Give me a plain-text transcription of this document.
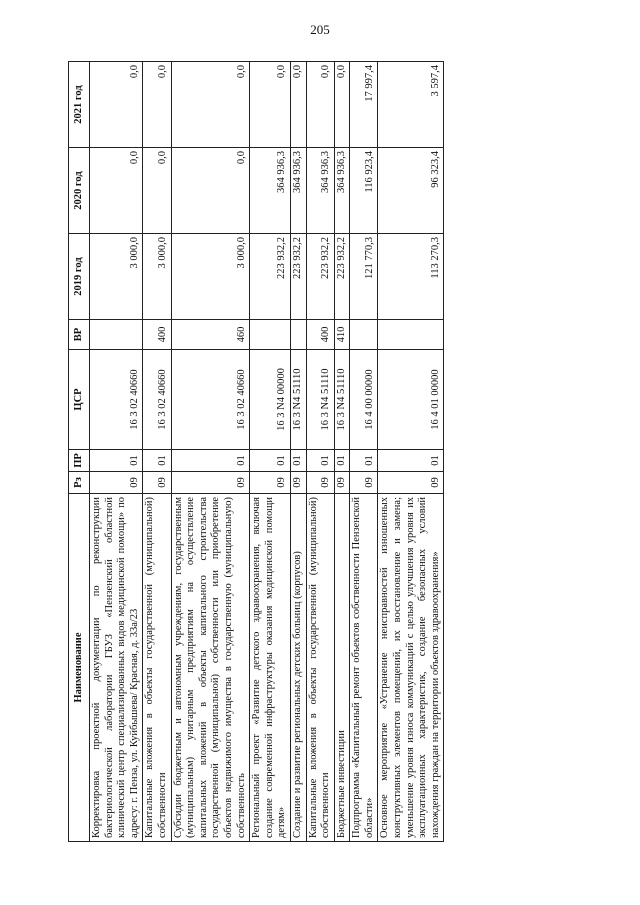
205
Наименование	Рз	ПР	ЦСР	ВР	2019 год	2020 год	2021 год
Корректировка проектной документации по реконструкции бактериологической лаборатории ГБУЗ «Пензенский областной клинический центр специализированных видов медицинской помощи» по адресу: г. Пенза, ул. Куйбышева/ Красная, д. 33а/23	09	01	16 3 02 40660		3 000,0	0,0	0,0
Капитальные вложения в объекты государственной (муниципальной) собственности	09	01	16 3 02 40660	400	3 000,0	0,0	0,0
Субсидии бюджетным и автономным учреждениям, государственным (муниципальным) унитарным предприятиям на осуществление капитальных вложений в объекты капитального строительства государственной (муниципальной) собственности или приобретение объектов недвижимого имущества в государственную (муниципальную) собственность	09	01	16 3 02 40660	460	3 000,0	0,0	0,0
Региональный проект «Развитие детского здравоохранения, включая создание современной инфраструктуры оказания медицинской помощи детям»	09	01	16 3 N4 00000		223 932,2	364 936,3	0,0
Создание и развитие региональных детских больниц (корпусов)	09	01	16 3 N4 51110		223 932,2	364 936,3	0,0
Капитальные вложения в объекты государственной (муниципальной) собственности	09	01	16 3 N4 51110	400	223 932,2	364 936,3	0,0
Бюджетные инвестиции	09	01	16 3 N4 51110	410	223 932,2	364 936,3	0,0
Подпрограмма «Капитальный ремонт объектов собственности Пензенской области»	09	01	16 4 00 00000		121 770,3	116 923,4	17 997,4
Основное мероприятие «Устранение неисправностей изношенных конструктивных элементов помещений, их восстановление и замена; уменьшение уровня износа коммуникаций с целью улучшения уровня их эксплуатационных характеристик, создание безопасных условий нахождения граждан на территории объектов здравоохранения»	09	01	16 4 01 00000		113 270,3	96 323,4	3 597,4
